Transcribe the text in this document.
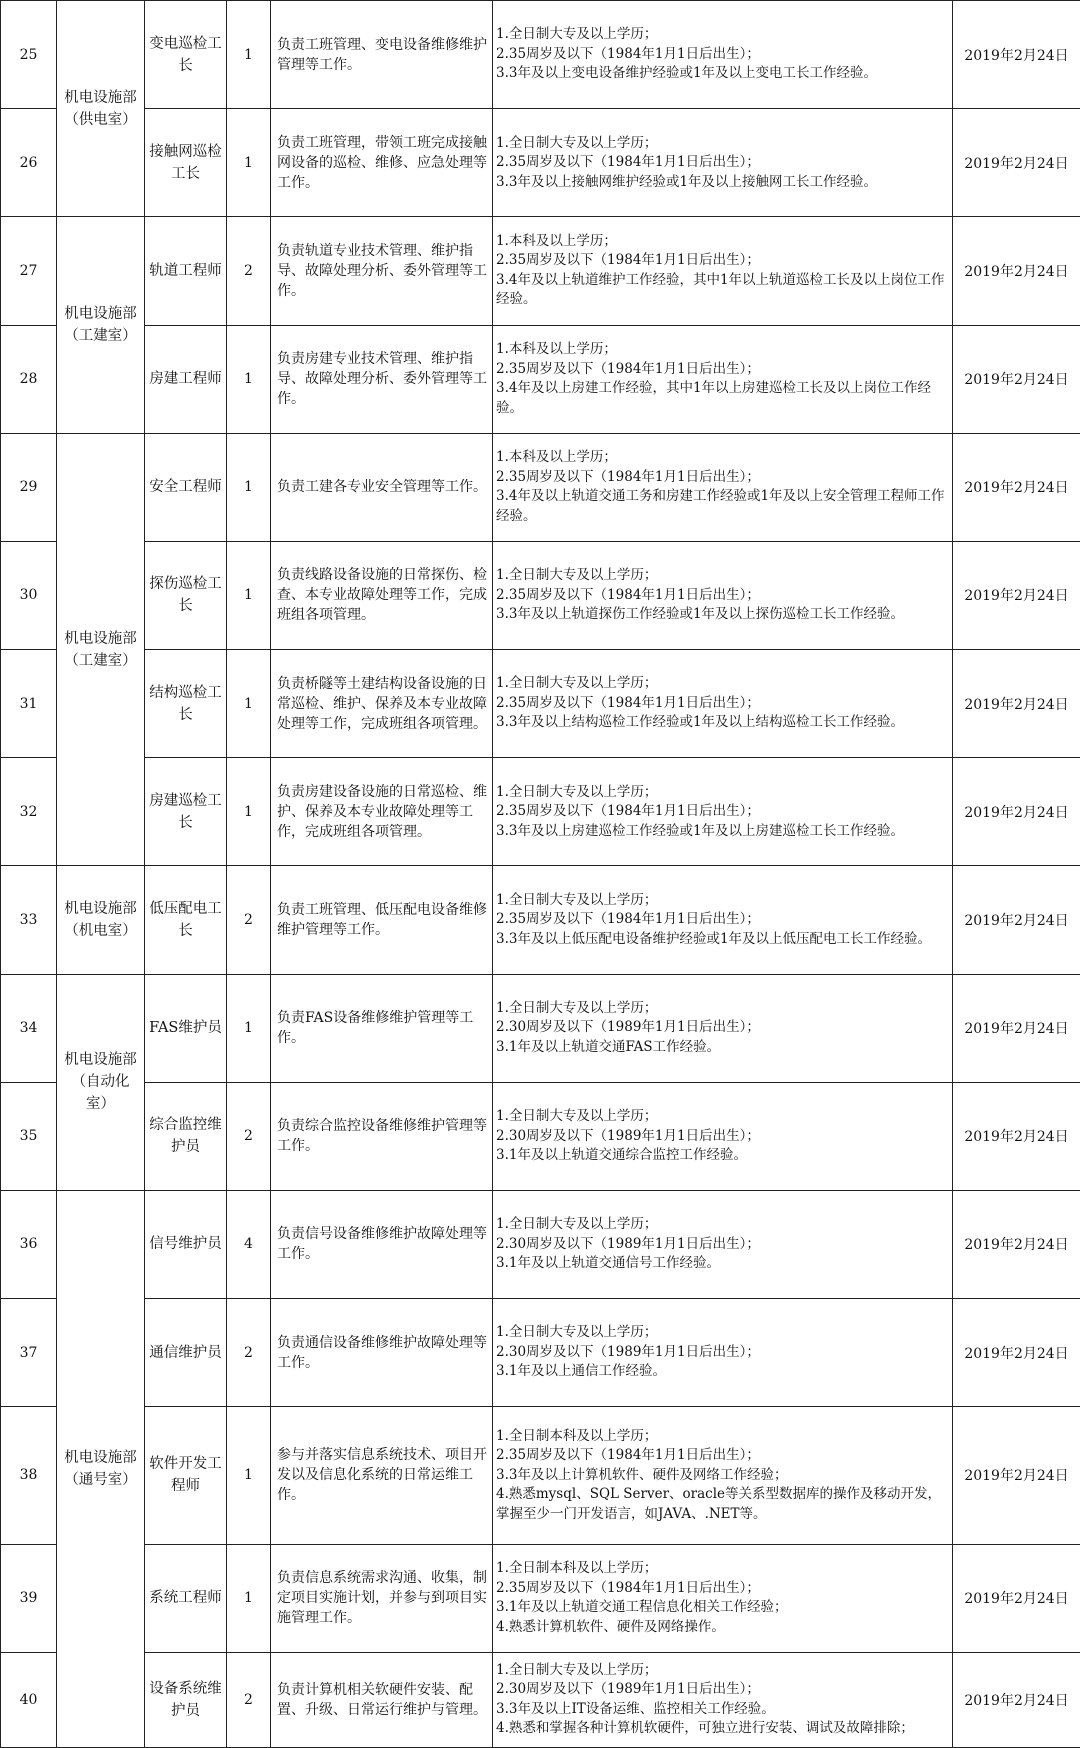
25	机电设施部（供电室）	变电巡检工长	1	负责工班管理、变电设备维修维护管理等工作。	1.全日制大专及以上学历；
2.35周岁及以下（1984年1月1日后出生）；
3.3年及以上变电设备维护经验或1年及以上变电工长工作经验。	2019年2月24日
26		接触网巡检工长	1	负责工班管理，带领工班完成接触网设备的巡检、维修、应急处理等工作。	1.全日制大专及以上学历；
2.35周岁及以下（1984年1月1日后出生）；
3.3年及以上接触网维护经验或1年及以上接触网工长工作经验。	2019年2月24日
27	机电设施部（工建室）	轨道工程师	2	负责轨道专业技术管理、维护指导、故障处理分析、委外管理等工作。	1.本科及以上学历；
2.35周岁及以下（1984年1月1日后出生）；
3.4年及以上轨道维护工作经验，其中1年以上轨道巡检工长及以上岗位工作经验。	2019年2月24日
28		房建工程师	1	负责房建专业技术管理、维护指导、故障处理分析、委外管理等工作。	1.本科及以上学历；
2.35周岁及以下（1984年1月1日后出生）；
3.4年及以上房建工作经验，其中1年以上房建巡检工长及以上岗位工作经验。	2019年2月24日
29	机电设施部（工建室）	安全工程师	1	负责工建各专业安全管理等工作。	1.本科及以上学历；
2.35周岁及以下（1984年1月1日后出生）；
3.4年及以上轨道交通工务和房建工作经验或1年及以上安全管理工程师工作经验。	2019年2月24日
30		探伤巡检工长	1	负责线路设备设施的日常探伤、检查、本专业故障处理等工作，完成班组各项管理。	1.全日制大专及以上学历；
2.35周岁及以下（1984年1月1日后出生）；
3.3年及以上轨道探伤工作经验或1年及以上探伤巡检工长工作经验。	2019年2月24日
31		结构巡检工长	1	负责桥隧等土建结构设备设施的日常巡检、维护、保养及本专业故障处理等工作，完成班组各项管理。	1.全日制大专及以上学历；
2.35周岁及以下（1984年1月1日后出生）；
3.3年及以上结构巡检工作经验或1年及以上结构巡检工长工作经验。	2019年2月24日
32		房建巡检工长	1	负责房建设备设施的日常巡检、维护、保养及本专业故障处理等工作，完成班组各项管理。	1.全日制大专及以上学历；
2.35周岁及以下（1984年1月1日后出生）；
3.3年及以上房建巡检工作经验或1年及以上房建巡检工长工作经验。	2019年2月24日
33	机电设施部（机电室）	低压配电工长	2	负责工班管理、低压配电设备维修维护管理等工作。	1.全日制大专及以上学历；
2.35周岁及以下（1984年1月1日后出生）；
3.3年及以上低压配电设备维护经验或1年及以上低压配电工长工作经验。	2019年2月24日
34	机电设施部（自动化室）	FAS维护员	1	负责FAS设备维修维护管理等工作。	1.全日制大专及以上学历；
2.30周岁及以下（1989年1月1日后出生）；
3.1年及以上轨道交通FAS工作经验。	2019年2月24日
35		综合监控维护员	2	负责综合监控设备维修维护管理等工作。	1.全日制大专及以上学历；
2.30周岁及以下（1989年1月1日后出生）；
3.1年及以上轨道交通综合监控工作经验。	2019年2月24日
36	机电设施部（通号室）	信号维护员	4	负责信号设备维修维护故障处理等工作。	1.全日制大专及以上学历；
2.30周岁及以下（1989年1月1日后出生）；
3.1年及以上轨道交通信号工作经验。	2019年2月24日
37		通信维护员	2	负责通信设备维修维护故障处理等工作。	1.全日制大专及以上学历；
2.30周岁及以下（1989年1月1日后出生）；
3.1年及以上通信工作经验。	2019年2月24日
38		软件开发工程师	1	参与并落实信息系统技术、项目开发以及信息化系统的日常运维工作。	1.全日制本科及以上学历；
2.35周岁及以下（1984年1月1日后出生）；
3.3年及以上计算机软件、硬件及网络工作经验；
4.熟悉mysql、SQL Server、oracle等关系型数据库的操作及移动开发，掌握至少一门开发语言，如JAVA、.NET等。	2019年2月24日
39		系统工程师	1	负责信息系统需求沟通、收集，制定项目实施计划，并参与到项目实施管理工作。	1.全日制本科及以上学历；
2.35周岁及以下（1984年1月1日后出生）；
3.1年及以上轨道交通工程信息化相关工作经验；
4.熟悉计算机软件、硬件及网络操作。	2019年2月24日
40		设备系统维护员	2	负责计算机相关软硬件安装、配置、升级、日常运行维护与管理。	1.全日制大专及以上学历；
2.30周岁及以下（1989年1月1日后出生）；
3.3年及以上IT设备运维、监控相关工作经验。
4.熟悉和掌握各种计算机软硬件，可独立进行安装、调试及故障排除；	2019年2月24日
